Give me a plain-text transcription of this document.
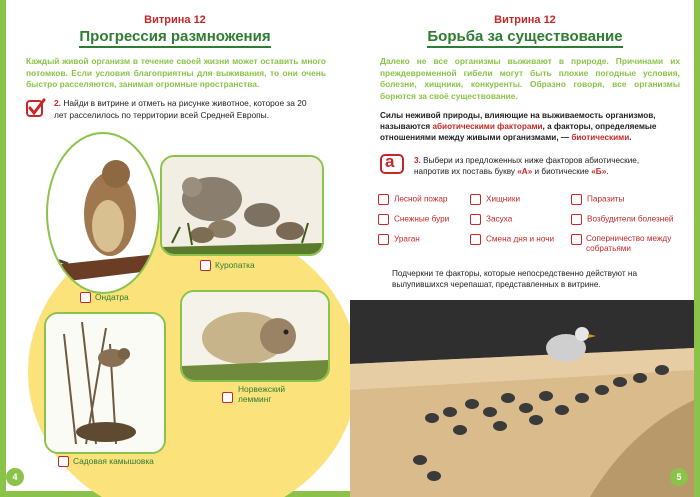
Витрина 12
Прогрессия размножения
Каждый живой организм в течение своей жизни может оставить много потомков. Если условия благоприятны для выживания, то они очень быстро расселяются, занимая огромные пространства.
2. Найди в витрине и отметь на рисунке животное, которое за 20 лет расселилось по территории всей Средней Европы.
Куропатка
Ондатра
Норвежский лемминг
Садовая камышовка
4
Витрина 12
Борьба за существование
Далеко не все организмы выживают в природе. Причинами их преждевременной гибели могут быть плохие погодные условия, болезни, хищники, конкуренты. Образно говоря, все организмы борются за своё существование.
Силы неживой природы, влияющие на выживаемость организмов, называются абиотическими факторами, а факторы, определяемые отношениями между живыми организмами, — биотическими.
а 3. Выбери из предложенных ниже факторов абиотические, напротив их поставь букву «А» и биотические «Б».
Лесной пожар	Хищники	Паразиты
Снежные бури	Засуха	Возбудители болезней
Ураган	Смена дня и ночи	Соперничество между собратьями
Подчеркни те факторы, которые непосредственно действуют на вылупившихся черепашат, представленных в витрине.
5
